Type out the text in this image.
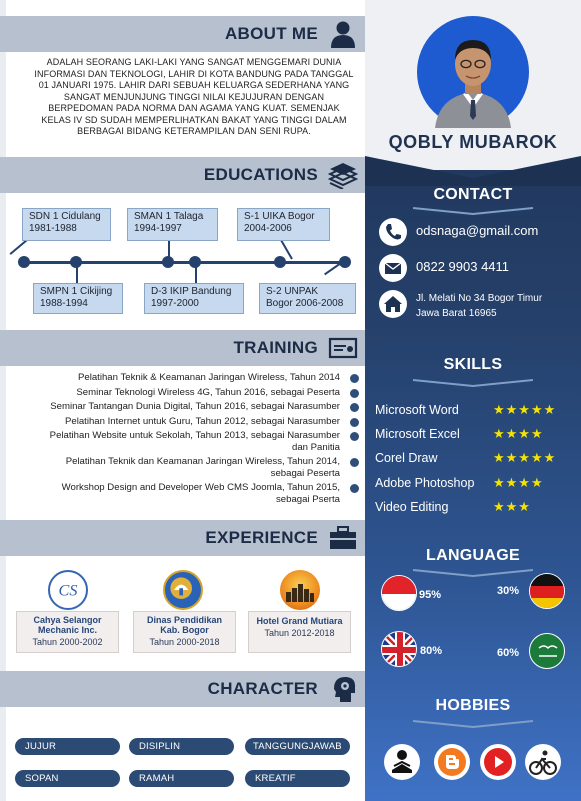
ABOUT ME
ADALAH SEORANG LAKI-LAKI YANG SANGAT MENGGEMARI DUNIA
INFORMASI DAN TEKNOLOGI, LAHIR DI KOTA BANDUNG PADA TANGGAL
01 JANUARI 1975. LAHIR DARI SEBUAH KELUARGA SEDERHANA YANG
SANGAT MENJUNJUNG TINGGI NILAI KEJUJURAN DENGAN
BERPEDOMAN PADA NORMA DAN AGAMA YANG KUAT. SEMENJAK
KELAS IV SD SUDAH MEMPERLIHATKAN BAKAT YANG TINGGI DALAM
BERBAGAI BIDANG KETERAMPILAN DAN SENI RUPA.
EDUCATIONS
SDN 1 Cidulang
1981-1988
SMAN 1 Talaga
1994-1997
S-1 UIKA Bogor
2004-2006
SMPN 1 Cikijing
1988-1994
D-3 IKIP Bandung
1997-2000
S-2 UNPAK
Bogor 2006-2008
TRAINING
Pelatihan Teknik & Keamanan Jaringan Wireless, Tahun 2014
Seminar Teknologi Wireless 4G, Tahun 2016, sebagai Peserta
Seminar Tantangan Dunia Digital, Tahun 2016, sebagai Narasumber
Pelatihan Internet untuk Guru, Tahun 2012, sebagai Narasumber
Pelatihan Website untuk Sekolah, Tahun 2013, sebagai Narasumber
dan Panitia
Pelatihan Teknik dan Keamanan Jaringan Wireless, Tahun 2014,
sebagai Peserta
Workshop Design and Developer Web CMS Joomla, Tahun 2015,
sebagai Pserta
EXPERIENCE
CS
Cahya Selangor
Mechanic Inc.
Tahun 2000-2002
Dinas Pendidikan
Kab. Bogor
Tahun 2000-2018
Hotel Grand Mutiara
Tahun 2012-2018
CHARACTER
JUJUR	DISIPLIN	TANGGUNGJAWAB
SOPAN	RAMAH	KREATIF
QOBLY MUBAROK
CONTACT
odsnaga@gmail.com
0822 9903 4411
Jl. Melati No 34 Bogor Timur
Jawa Barat 16965
SKILLS
Microsoft Word	★★★★★
Microsoft Excel	★★★★
Corel Draw	★★★★★
Adobe Photoshop ★★★★
Video Editing	★★★
LANGUAGE
95%	30%
80%	60%
HOBBIES
